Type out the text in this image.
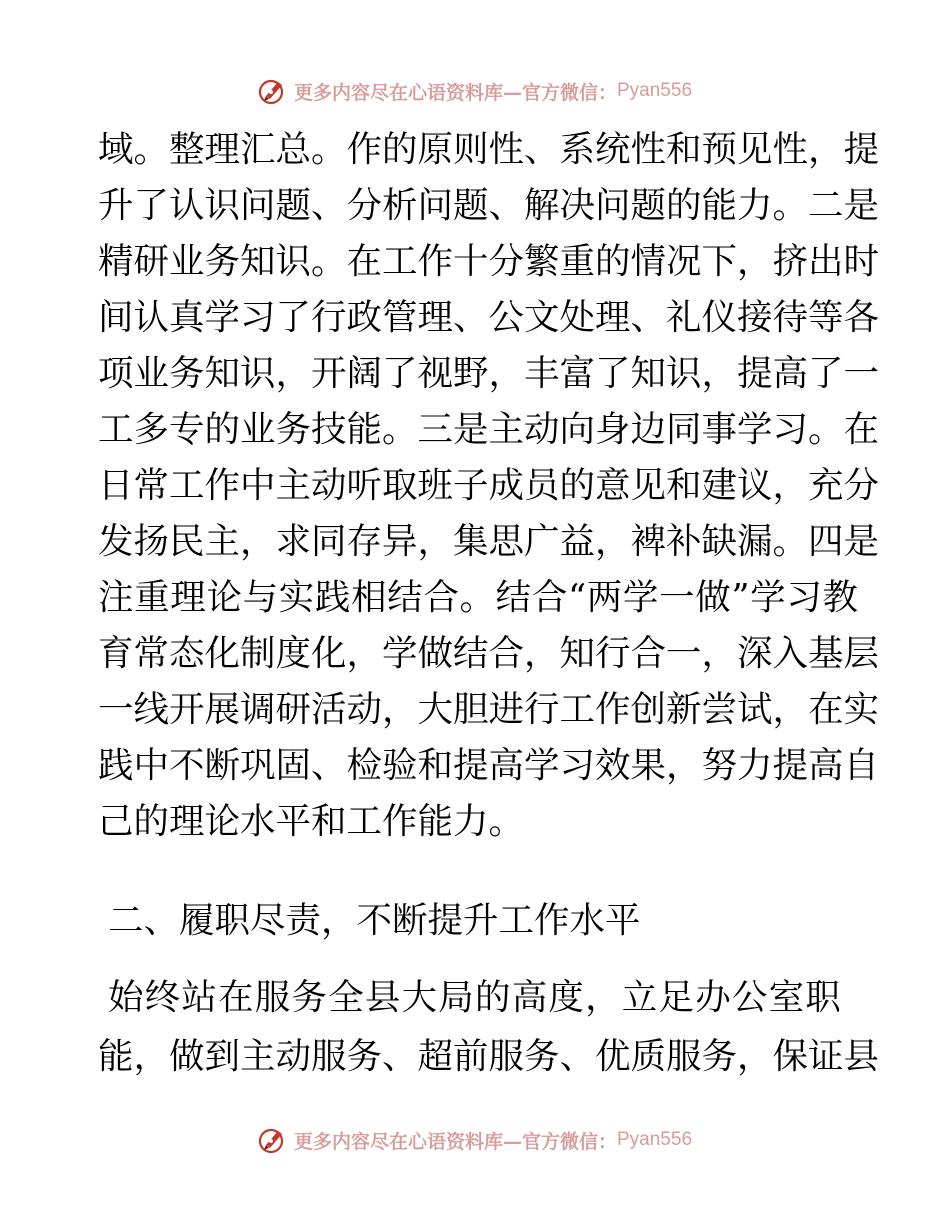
更多内容尽在心语资料库—官方微信： Pyan556
域。整理汇总。作的原则性、系统性和预见性，提
升了认识问题、分析问题、解决问题的能力。二是
精研业务知识。在工作十分繁重的情况下，挤出时
间认真学习了行政管理、公文处理、礼仪接待等各
项业务知识，开阔了视野，丰富了知识，提高了一
工多专的业务技能。三是主动向身边同事学习。在
日常工作中主动听取班子成员的意见和建议，充分
发扬民主，求同存异，集思广益，裨补缺漏。四是
注重理论与实践相结合。结合“两学一做”学习教
育常态化制度化，学做结合，知行合一，深入基层
一线开展调研活动，大胆进行工作创新尝试，在实
践中不断巩固、检验和提高学习效果，努力提高自
己的理论水平和工作能力。
二、履职尽责，不断提升工作水平
始终站在服务全县大局的高度，立足办公室职
能，做到主动服务、超前服务、优质服务，保证县
更多内容尽在心语资料库—官方微信： Pyan556
